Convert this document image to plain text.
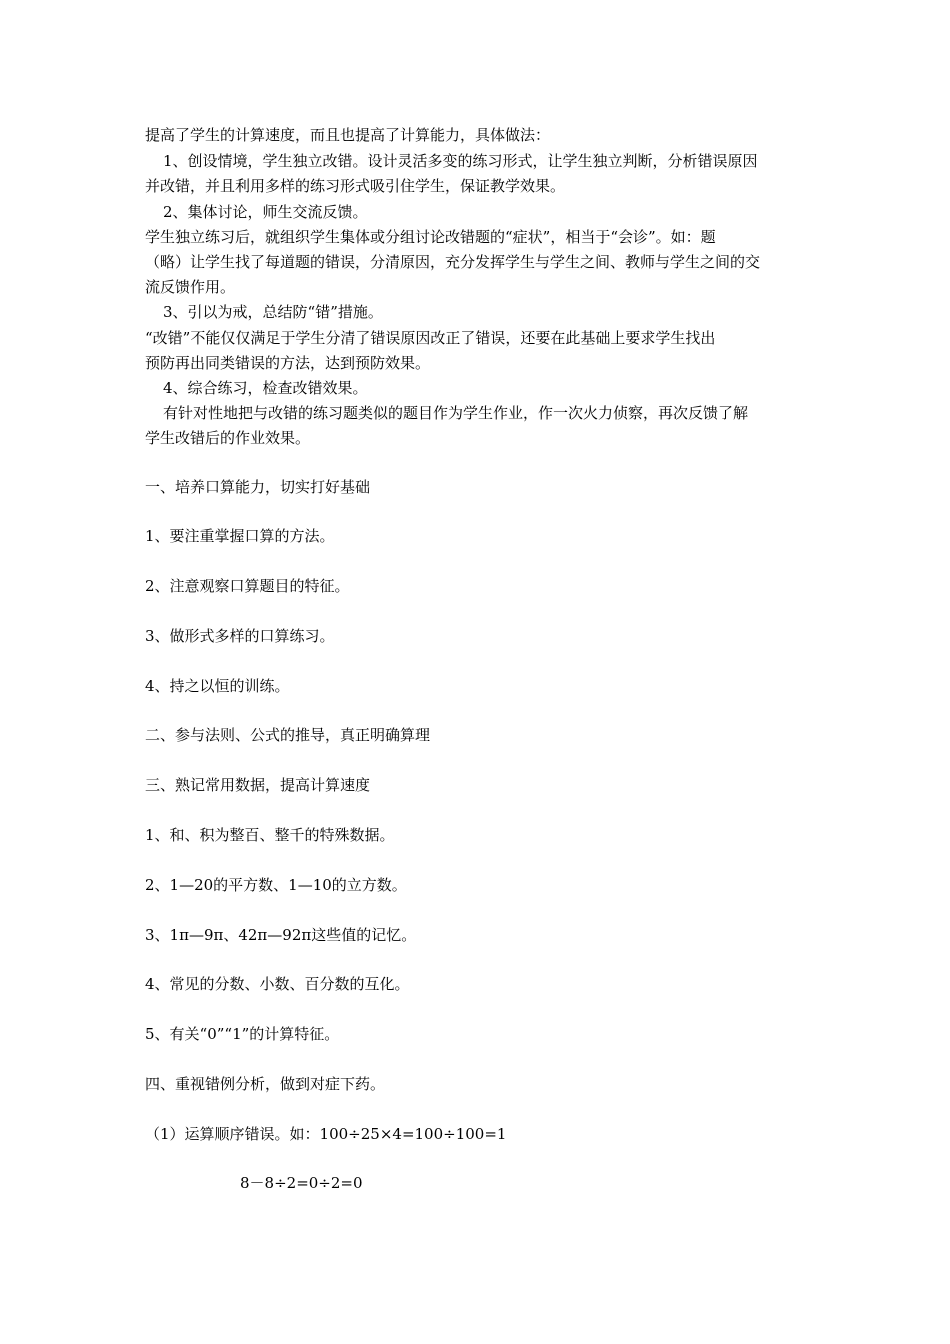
提高了学生的计算速度，而且也提高了计算能力，具体做法：
1、创设情境，学生独立改错。设计灵活多变的练习形式，让学生独立判断，分析错误原因
并改错，并且利用多样的练习形式吸引住学生，保证教学效果。
2、集体讨论，师生交流反馈。
学生独立练习后，就组织学生集体或分组讨论改错题的“症状”，相当于“会诊”。如：题
（略）让学生找了每道题的错误，分清原因，充分发挥学生与学生之间、教师与学生之间的交
流反馈作用。
3、引以为戒，总结防“错”措施。
“改错”不能仅仅满足于学生分清了错误原因改正了错误，还要在此基础上要求学生找出
预防再出同类错误的方法，达到预防效果。
4、综合练习，检查改错效果。
有针对性地把与改错的练习题类似的题目作为学生作业，作一次火力侦察，再次反馈了解
学生改错后的作业效果。
一、培养口算能力，切实打好基础
1、要注重掌握口算的方法。
2、注意观察口算题目的特征。
3、做形式多样的口算练习。
4、持之以恒的训练。
二、参与法则、公式的推导，真正明确算理
三、熟记常用数据，提高计算速度
1、和、积为整百、整千的特殊数据。
2、1—20的平方数、1—10的立方数。
3、1π—9π、42π—92π这些值的记忆。
4、常见的分数、小数、百分数的互化。
5、有关“0”“1”的计算特征。
四、重视错例分析，做到对症下药。
（1）运算顺序错误。如：100÷25×4=100÷100=1
8－8÷2=0÷2=0
